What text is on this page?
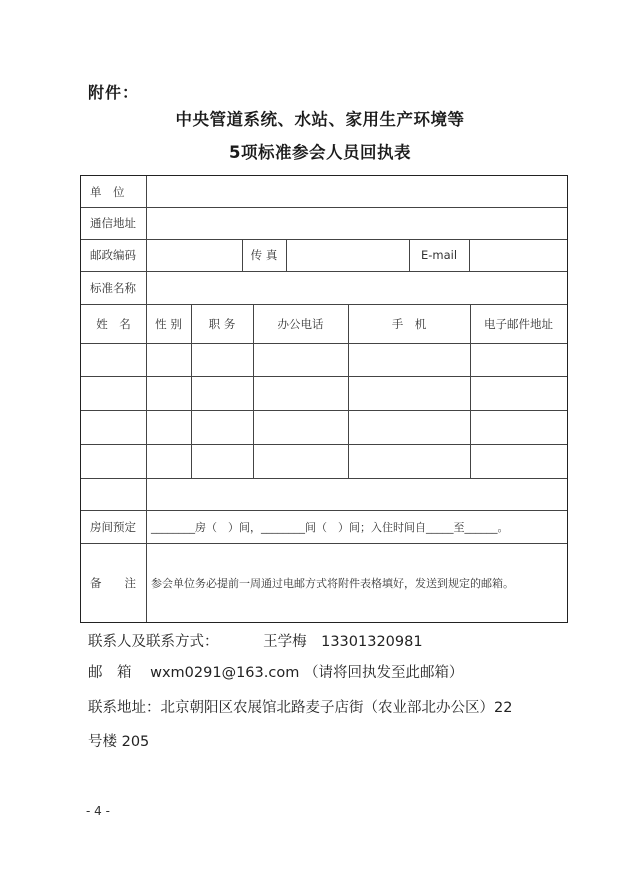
附件：
中央管道系统、水站、家用生产环境等
5项标准参会人员回执表
单　位
通信地址
邮政编码	传 真	E-mail
标准名称
姓　名	性 别	职 务	办公电话	手　机	电子邮件地址
房间预定 ________房（　）间，________间（　）间；入住时间自_____至______。
备　　注 参会单位务必提前一周通过电邮方式将附件表格填好，发送到规定的邮箱。
联系人及联系方式：	王学梅　13301320981
邮　箱 wxm0291@163.com （请将回执发至此邮箱）
联系地址：北京朝阳区农展馆北路麦子店街（农业部北办公区）22
号楼 205
- 4 -
